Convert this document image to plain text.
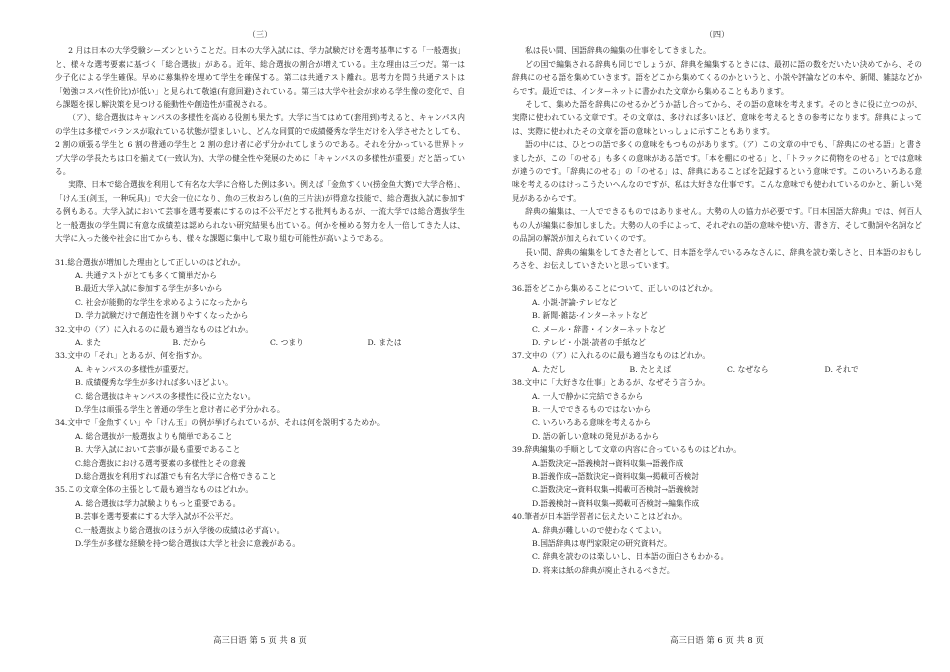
（三）

2 月は日本の大学受験シーズンということだ。日本の大学入試には、学力試験だけを選考基準にする「一般選抜」と、様々な選考要素に基づく「総合選抜」がある。近年、総合選抜の割合が増えている。主な理由は三つだ。第一は少子化による学生確保。早めに募集枠を埋めて学生を確保する。第二は共通テスト離れ。思考力を問う共通テストは「勉強コスパ(性价比)が低い」と見られて敬遠(有意回避)されている。第三は大学や社会が求める学生像の変化で、自ら課題を探し解決策を見つける能動性や創造性が重視される。

（ア）、総合選抜はキャンパスの多様性を高める役割も果たす。大学に当てはめて(套用到)考えると、キャンパス内の学生は多様でバランスが取れている状態が望ましいし、どんな同質的で成績優秀な学生だけを入学させたとしても、2 割の頑張る学生と 6 割の普通の学生と 2 割の怠け者に必ず分かれてしまうのである。それを分かっている世界トップ大学の学長たちは口を揃えて(一致认为)、大学の健全性や発展のために「キャンパスの多様性が重要」だと語っている。

実際、日本で総合選抜を利用して有名な大学に合格した例は多い。例えば「金魚すくい(捞金鱼大赛)で大学合格」、「けん玉(剑玉，一种玩具)」で大会一位になり、魚の三枚おろし(鱼的三片法)が得意な技能で、総合選抜入試に参加する例もある。大学入試において芸事を選考要素にするのは不公平だとする批判もあるが、一流大学では総合選抜学生と一般選抜の学生間に有意な成績差は認められない研究結果も出ている。何かを極める努力を人一倍してきた人は、大学に入った後や社会に出てからも、様々な課題に集中して取り組む可能性が高いようである。

31.総合選抜が増加した理由として正しいのはどれか。

A. 共通テストがとても多くて簡単だから

B.最近大学入試に参加する学生が多いから

C. 社会が能動的な学生を求めるようになったから

D. 学力試験だけで創造性を測りやすくなったから

32.文中の（ア）に入れるのに最も適当なものはどれか。

A. また	B. だから	C. つまり	D. または

33.文中の「それ」とあるが、何を指すか。

A. キャンパスの多様性が重要だ。

B. 成績優秀な学生が多ければ多いほどよい。

C. 総合選抜はキャンパスの多様性に役に立たない。

D.学生は頑張る学生と普通の学生と怠け者に必ず分かれる。

34.文中で「金魚すくい」や「けん玉」の例が挙げられているが、それは何を説明するためか。

A. 総合選抜が一般選抜よりも簡単であること

B. 大学入試において芸事が最も重要であること

C.総合選抜における選考要素の多様性とその意義

D.総合選抜を利用すれば誰でも有名大学に合格できること

35.この文章全体の主張として最も適当なものはどれか。

A. 総合選抜は学力試験よりもっと重要である。

B.芸事を選考要素にする大学入試が不公平だ。

C.一般選抜より総合選抜のほうが入学後の成績は必ず高い。

D.学生が多様な経験を持つ総合選抜は大学と社会に意義がある。

高三日语 第 5 页 共 8 页
（四）

私は長い間、国語辞典の編集の仕事をしてきました。

どの国で編集される辞典も同じでしょうが、辞典を編集するときには、最初に語の数をだいたい決めてから、その辞典にのせる語を集めていきます。語をどこから集めてくるのかというと、小説や評論などの本や、新聞、雑誌などからです。最近では、インターネットに書かれた文章から集めることもあります。

そして、集めた語を辞典にのせるかどうか話し合ってから、その語の意味を考えます。そのときに役に立つのが、実際に使われている文章です。その文章は、多ければ多いほど、意味を考えるときの参考になります。辞典によっては、実際に使われたその文章を語の意味といっしょに示すこともあります。

語の中には、ひとつの語で多くの意味をもつものがあります。（ア）この文章の中でも、「辞典にのせる語」と書きましたが、この「のせる」も多くの意味がある語です。「本を棚にのせる」と、「トラックに荷物をのせる」とでは意味が違うのです。「辞典にのせる」の「のせる」は、辞典にあることばを記録するという意味です。このいろいろある意味を考えるのはけっこうたいへんなのですが、私は大好きな仕事です。こんな意味でも使われているのかと、新しい発見があるからです。

辞典の編集は、一人でできるものではありません。大勢の人の協力が必要です。『日本国語大辞典』では、何百人もの人が編集に参加しました。大勢の人の手によって、それぞれの語の意味や使い方、書き方、そして動詞や名詞などの品詞の解説が加えられていくのです。

長い間、辞典の編集をしてきた者として、日本語を学んでいるみなさんに、辞典を読む楽しさと、日本語のおもしろさを、お伝えしていきたいと思っています。

36.語をどこから集めることについて、正しいのはどれか。

A. 小説·評論·テレビなど

B. 新聞·雑誌·インターネットなど

C. メール・辞書・インターネットなど

D. テレビ・小説·読者の手紙など

37.文中の（ア）に入れるのに最も適当なものはどれか。

A. ただし	B. たとえば	C. なぜなら	D. それで

38.文中に「大好きな仕事」とあるが、なぜそう言うか。

A. 一人で静かに完結できるから

B. 一人でできるものではないから

C. いろいろある意味を考えるから

D. 語の新しい意味の発見があるから

39.辞典編集の手順として文章の内容に合っているものはどれか。

A.語数決定→語義検討→資料収集→語義作成

B.語義作成→語数決定→資料収集→掲載可否検討

C.語数決定→資料収集→掲載可否検討→語義検討

D.語義検討→資料収集→掲載可否検討→編集作成

40.筆者が日本語学習者に伝えたいことはどれか。

A. 辞典が難しいので使わなくてよい。

B.国語辞典は専門家限定の研究資料だ。

C. 辞典を読むのは楽しいし、日本語の面白さもわかる。

D. 将来は紙の辞典が廃止されるべきだ。

高三日语 第 6 页 共 8 页
